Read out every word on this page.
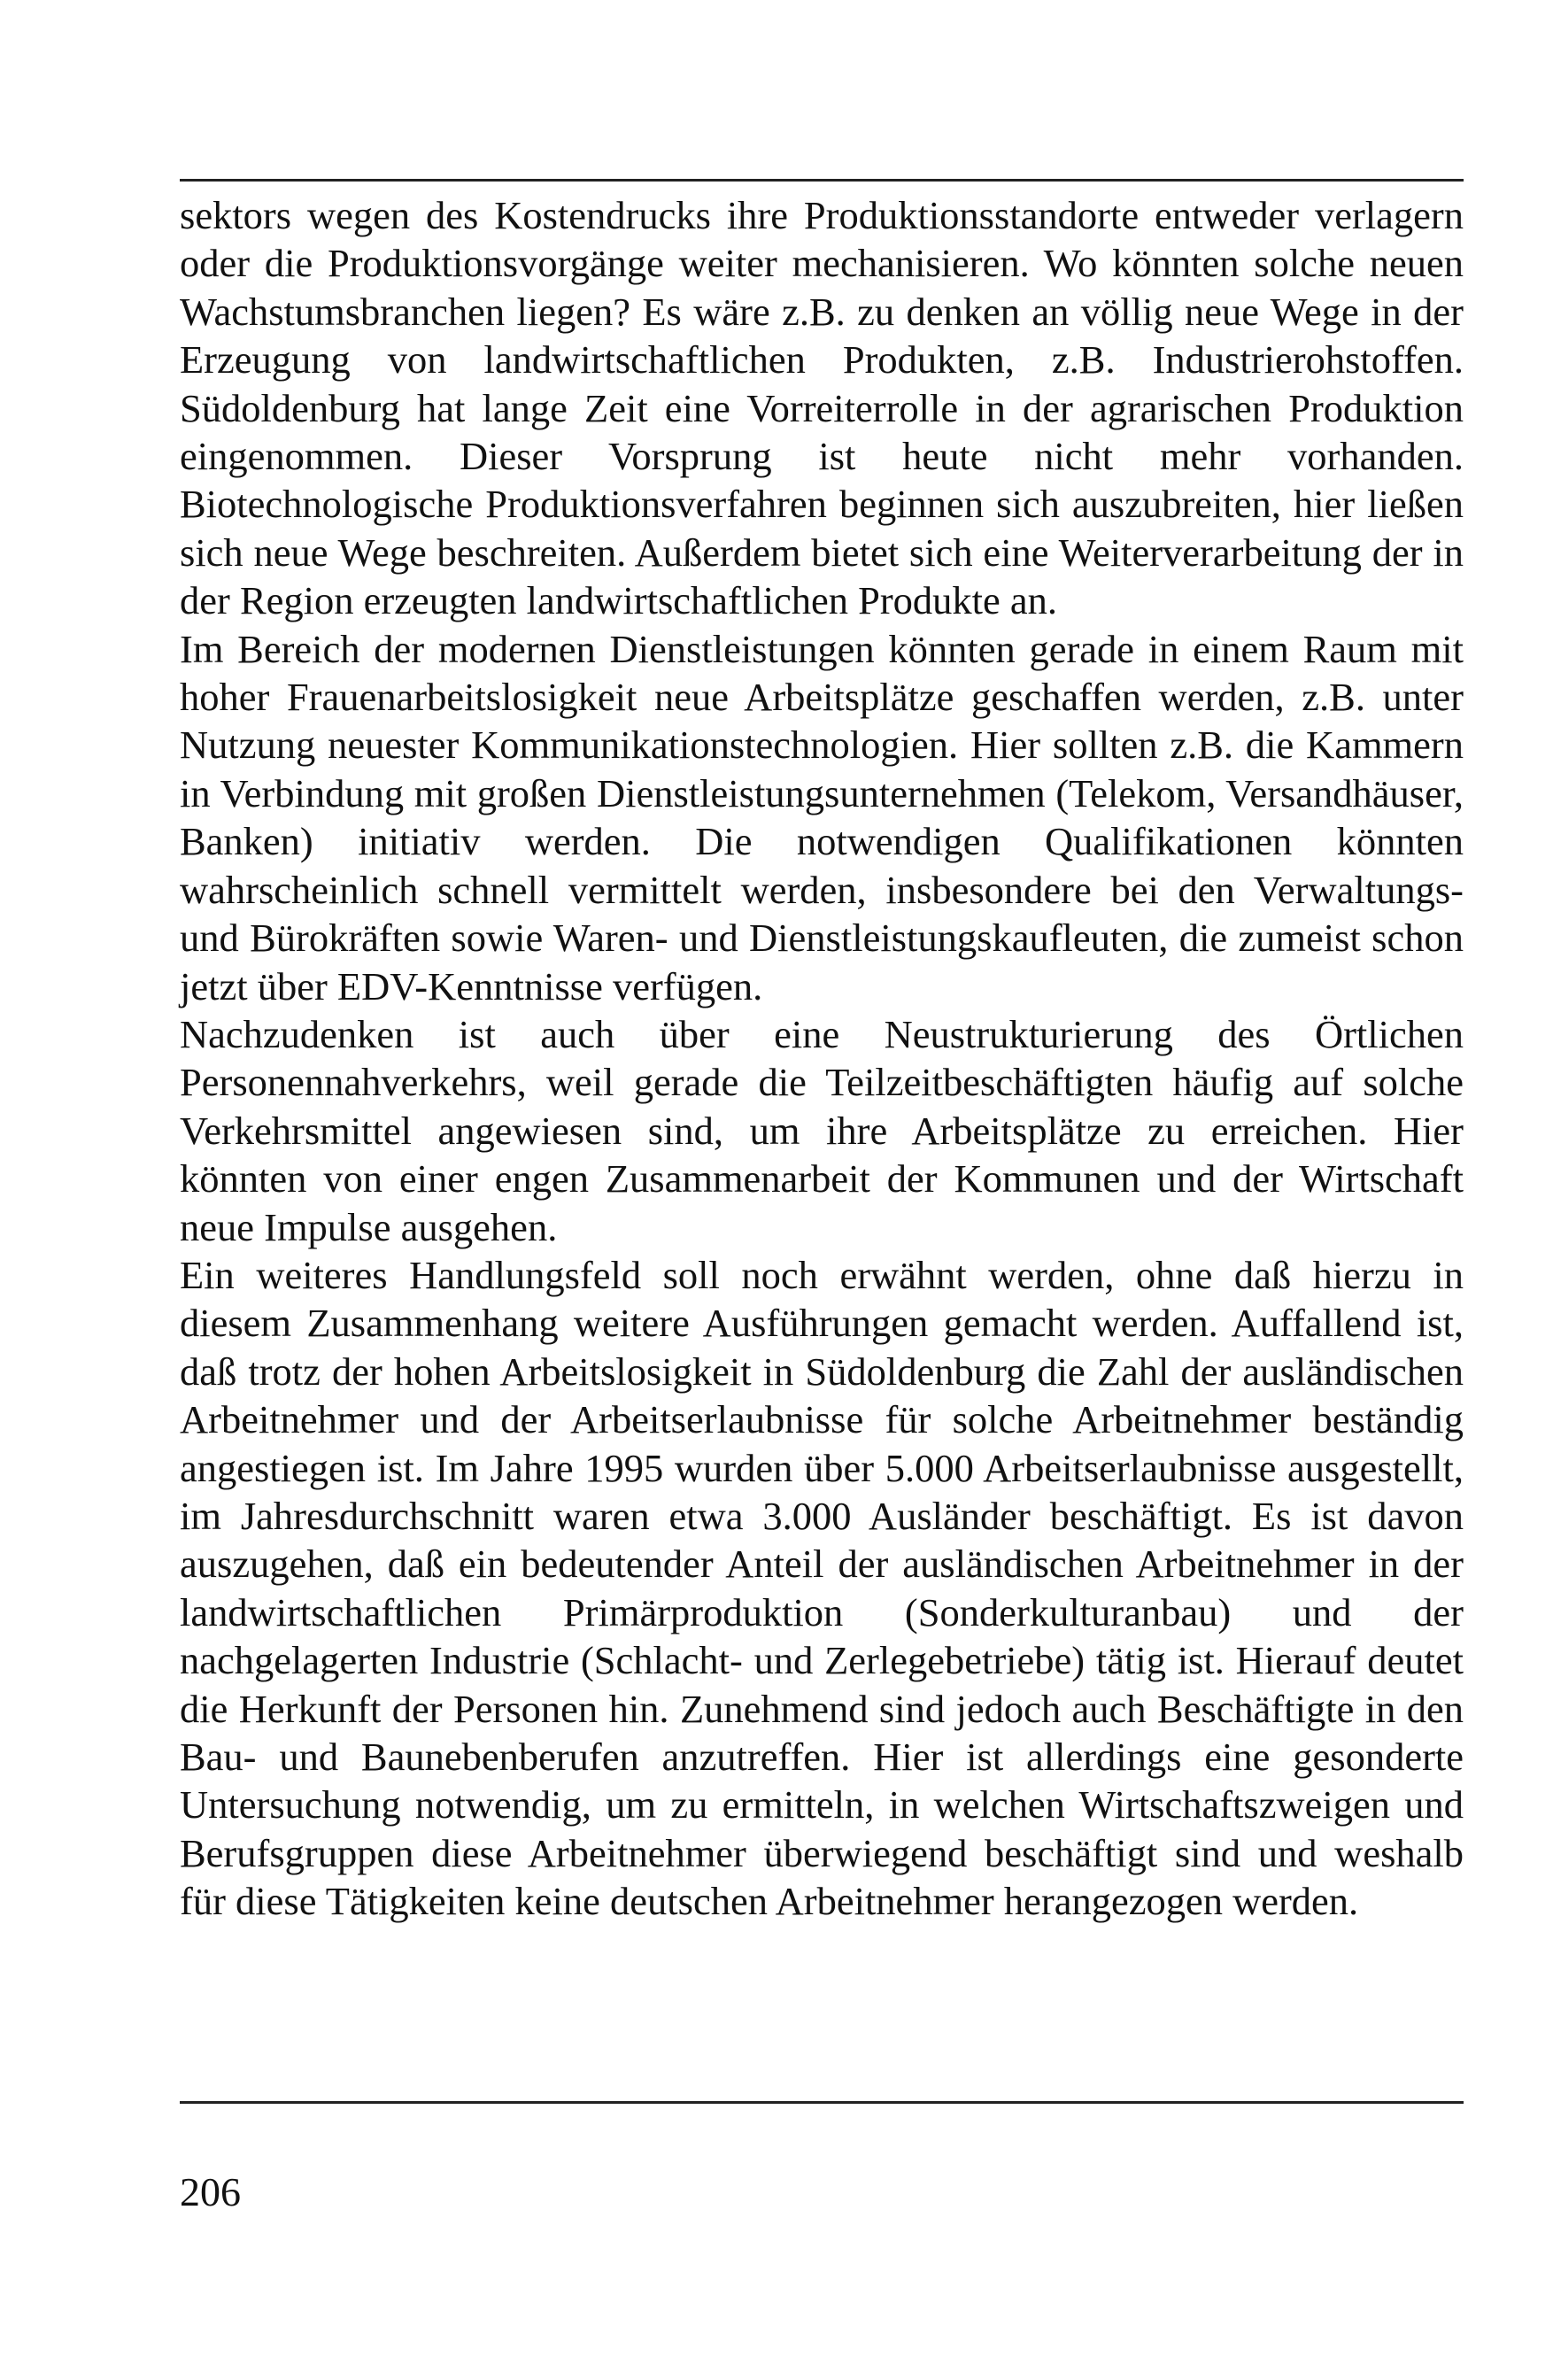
sektors wegen des Kostendrucks ihre Produktionsstandorte entweder verlagern oder die Produktionsvorgänge weiter mechanisieren. Wo könnten solche neuen Wachstumsbranchen liegen? Es wäre z.B. zu denken an völlig neue Wege in der Erzeugung von landwirtschaftlichen Produkten, z.B. Industrierohstoffen. Südoldenburg hat lange Zeit eine Vorreiterrolle in der agrarischen Produktion eingenommen. Dieser Vorsprung ist heute nicht mehr vorhanden. Biotechnologische Produktionsverfahren beginnen sich auszubreiten, hier ließen sich neue Wege beschreiten. Außerdem bietet sich eine Weiterverarbeitung der in der Region erzeugten landwirtschaftlichen Produkte an.

Im Bereich der modernen Dienstleistungen könnten gerade in einem Raum mit hoher Frauenarbeitslosigkeit neue Arbeitsplätze geschaffen werden, z.B. unter Nutzung neuester Kommunikationstechnologien. Hier sollten z.B. die Kammern in Verbindung mit großen Dienstleistungsunternehmen (Telekom, Versandhäuser, Banken) initiativ werden. Die notwendigen Qualifikationen könnten wahrscheinlich schnell vermittelt werden, insbesondere bei den Verwaltungs- und Bürokräften sowie Waren- und Dienstleistungskaufleuten, die zumeist schon jetzt über EDV-Kenntnisse verfügen.

Nachzudenken ist auch über eine Neustrukturierung des Örtlichen Personennahverkehrs, weil gerade die Teilzeitbeschäftigten häufig auf solche Verkehrsmittel angewiesen sind, um ihre Arbeitsplätze zu erreichen. Hier könnten von einer engen Zusammenarbeit der Kommunen und der Wirtschaft neue Impulse ausgehen.

Ein weiteres Handlungsfeld soll noch erwähnt werden, ohne daß hierzu in diesem Zusammenhang weitere Ausführungen gemacht werden. Auffallend ist, daß trotz der hohen Arbeitslosigkeit in Südoldenburg die Zahl der ausländischen Arbeitnehmer und der Arbeitserlaubnisse für solche Arbeitnehmer beständig angestiegen ist. Im Jahre 1995 wurden über 5.000 Arbeitserlaubnisse ausgestellt, im Jahresdurchschnitt waren etwa 3.000 Ausländer beschäftigt. Es ist davon auszugehen, daß ein bedeutender Anteil der ausländischen Arbeitnehmer in der landwirtschaftlichen Primärproduktion (Sonderkulturanbau) und der nachgelagerten Industrie (Schlacht- und Zerlegebetriebe) tätig ist. Hierauf deutet die Herkunft der Personen hin. Zunehmend sind jedoch auch Beschäftigte in den Bau- und Baunebenberufen anzutreffen. Hier ist allerdings eine gesonderte Untersuchung notwendig, um zu ermitteln, in welchen Wirtschaftszweigen und Berufsgruppen diese Arbeitnehmer überwiegend beschäftigt sind und weshalb für diese Tätigkeiten keine deutschen Arbeitnehmer herangezogen werden.

206
